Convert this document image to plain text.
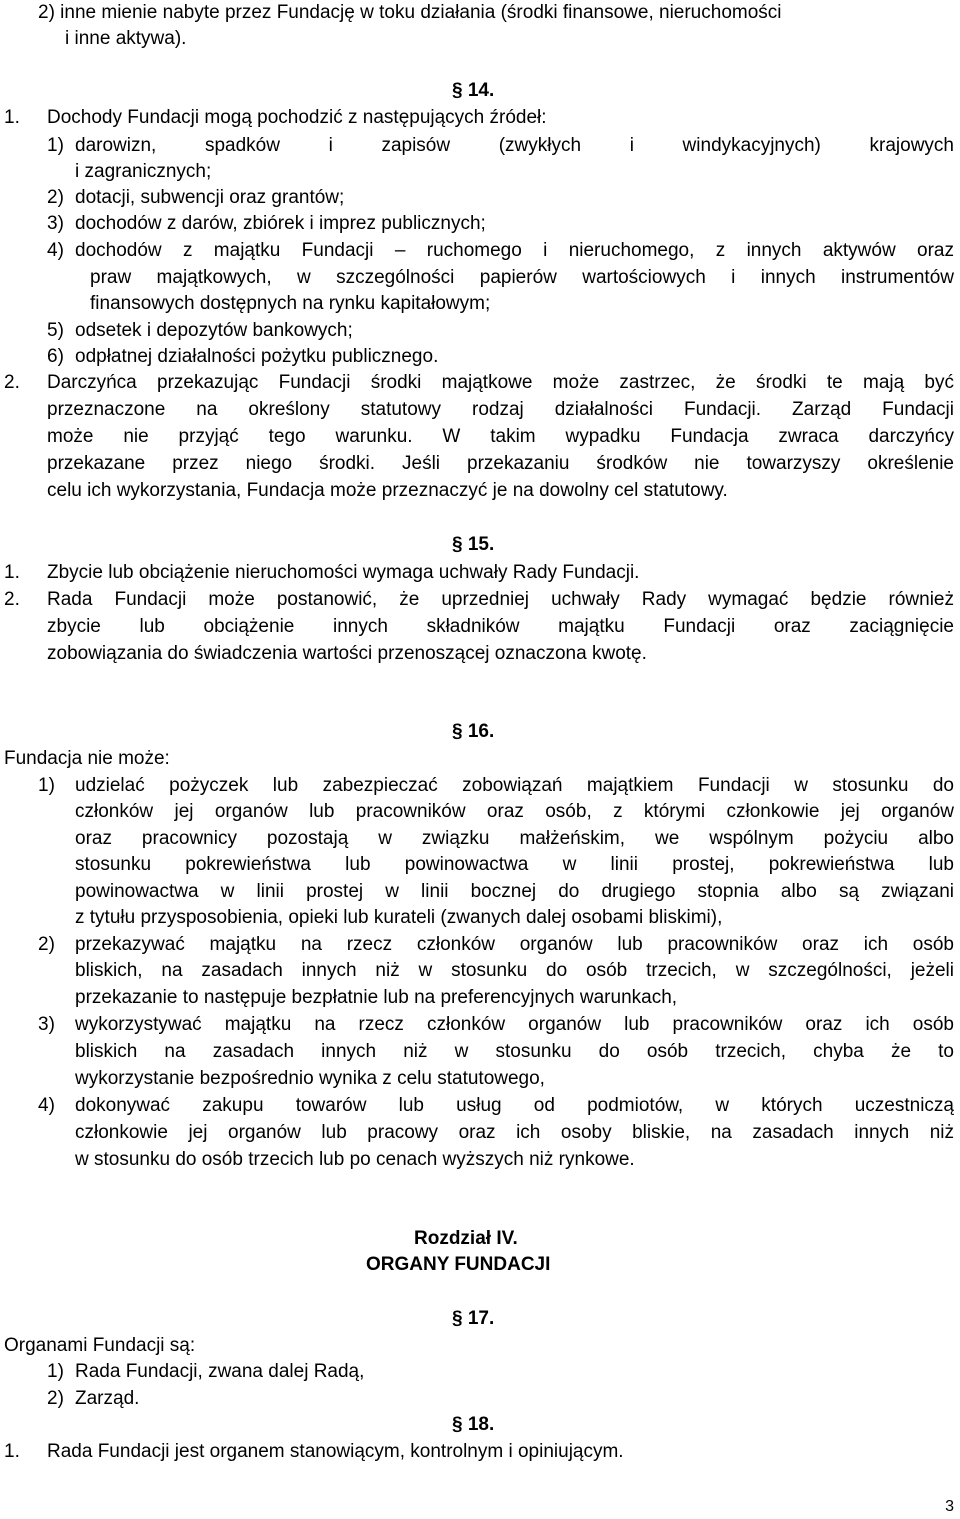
2) inne mienie nabyte przez Fundację w toku działania (środki finansowe, nieruchomości
i inne aktywa).
§ 14.
1. Dochody Fundacji mogą pochodzić z następujących źródeł:
1) darowizn, spadków i zapisów (zwykłych i windykacyjnych) krajowych
i zagranicznych;
2) dotacji, subwencji oraz grantów;
3) dochodów z darów, zbiórek i imprez publicznych;
4) dochodów z majątku Fundacji – ruchomego i nieruchomego, z innych aktywów oraz
praw majątkowych, w szczególności papierów wartościowych i innych instrumentów
finansowych dostępnych na rynku kapitałowym;
5) odsetek i depozytów bankowych;
6) odpłatnej działalności pożytku publicznego.
2. Darczyńca przekazując Fundacji środki majątkowe może zastrzec, że środki te mają być
przeznaczone na określony statutowy rodzaj działalności Fundacji. Zarząd Fundacji
może nie przyjąć tego warunku. W takim wypadku Fundacja zwraca darczyńcy
przekazane przez niego środki. Jeśli przekazaniu środków nie towarzyszy określenie
celu ich wykorzystania, Fundacja może przeznaczyć je na dowolny cel statutowy.
§ 15.
1. Zbycie lub obciążenie nieruchomości wymaga uchwały Rady Fundacji.
2. Rada Fundacji może postanowić, że uprzedniej uchwały Rady wymagać będzie również
zbycie lub obciążenie innych składników majątku Fundacji oraz zaciągnięcie
zobowiązania do świadczenia wartości przenoszącej oznaczona kwotę.
§ 16.
Fundacja nie może:
1) udzielać pożyczek lub zabezpieczać zobowiązań majątkiem Fundacji w stosunku do
członków jej organów lub pracowników oraz osób, z którymi członkowie jej organów
oraz pracownicy pozostają w związku małżeńskim, we wspólnym pożyciu albo
stosunku pokrewieństwa lub powinowactwa w linii prostej, pokrewieństwa lub
powinowactwa w linii prostej w linii bocznej do drugiego stopnia albo są związani
z tytułu przysposobienia, opieki lub kurateli (zwanych dalej osobami bliskimi),
2) przekazywać majątku na rzecz członków organów lub pracowników oraz ich osób
bliskich, na zasadach innych niż w stosunku do osób trzecich, w szczególności, jeżeli
przekazanie to następuje bezpłatnie lub na preferencyjnych warunkach,
3) wykorzystywać majątku na rzecz członków organów lub pracowników oraz ich osób
bliskich na zasadach innych niż w stosunku do osób trzecich, chyba że to
wykorzystanie bezpośrednio wynika z celu statutowego,
4) dokonywać zakupu towarów lub usług od podmiotów, w których uczestniczą
członkowie jej organów lub pracowy oraz ich osoby bliskie, na zasadach innych niż
w stosunku do osób trzecich lub po cenach wyższych niż rynkowe.
Rozdział IV.
ORGANY FUNDACJI
§ 17.
Organami Fundacji są:
1) Rada Fundacji, zwana dalej Radą,
2) Zarząd.
§ 18.
1. Rada Fundacji jest organem stanowiącym, kontrolnym i opiniującym.
3
